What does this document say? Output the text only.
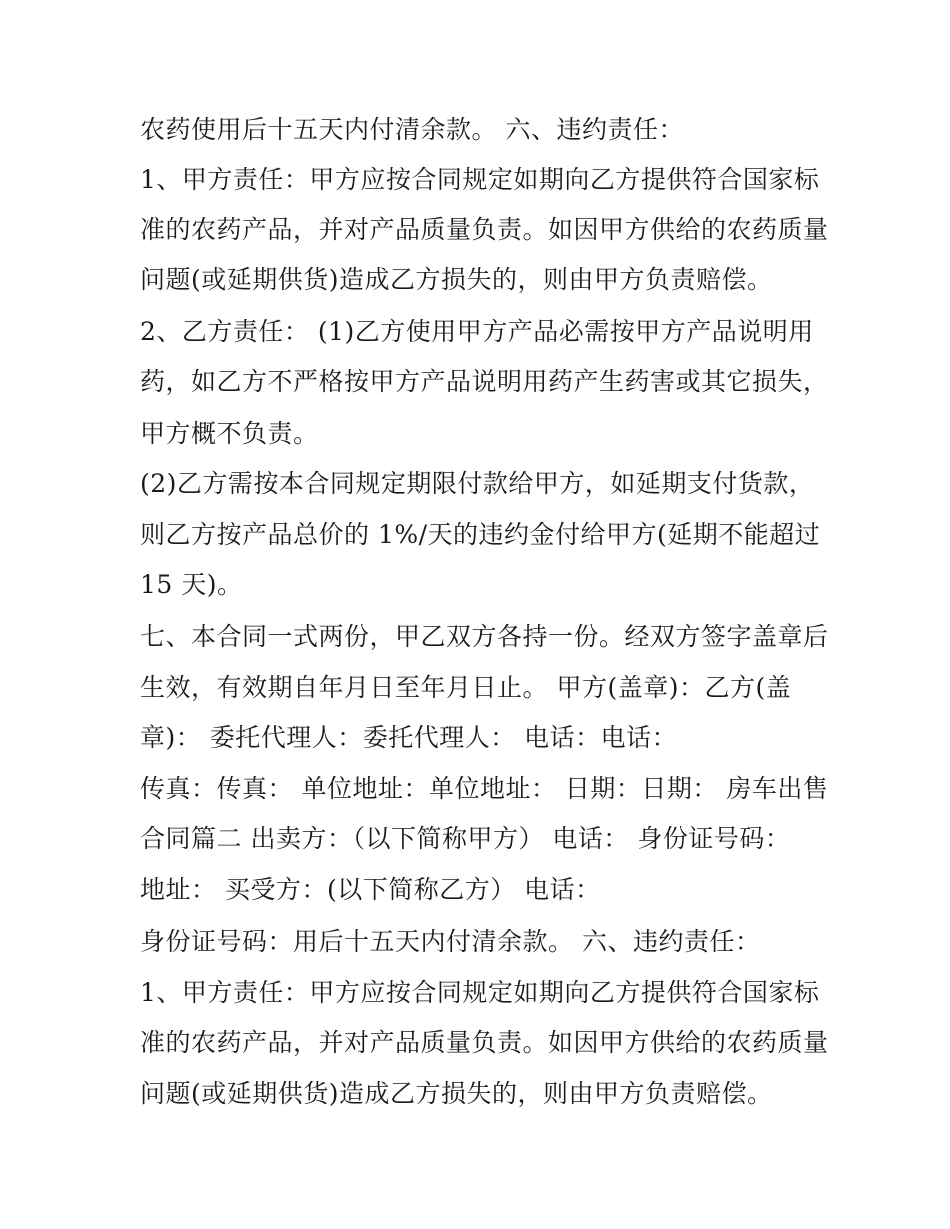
农药使用后十五天内付清余款。 六、违约责任：
1、甲方责任：甲方应按合同规定如期向乙方提供符合国家标
准的农药产品，并对产品质量负责。如因甲方供给的农药质量
问题(或延期供货)造成乙方损失的，则由甲方负责赔偿。
2、乙方责任： (1)乙方使用甲方产品必需按甲方产品说明用
药，如乙方不严格按甲方产品说明用药产生药害或其它损失，
甲方概不负责。
(2)乙方需按本合同规定期限付款给甲方，如延期支付货款，
则乙方按产品总价的 1%/天的违约金付给甲方(延期不能超过
15 天)。
七、本合同一式两份，甲乙双方各持一份。经双方签字盖章后
生效，有效期自年月日至年月日止。 甲方(盖章)：乙方(盖
章)： 委托代理人：委托代理人： 电话：电话：
传真：传真： 单位地址：单位地址： 日期：日期： 房车出售
合同篇二 出卖方：（以下简称甲方） 电话： 身份证号码：
地址： 买受方：(以下简称乙方） 电话：
身份证号码：用后十五天内付清余款。 六、违约责任：
1、甲方责任：甲方应按合同规定如期向乙方提供符合国家标
准的农药产品，并对产品质量负责。如因甲方供给的农药质量
问题(或延期供货)造成乙方损失的，则由甲方负责赔偿。
